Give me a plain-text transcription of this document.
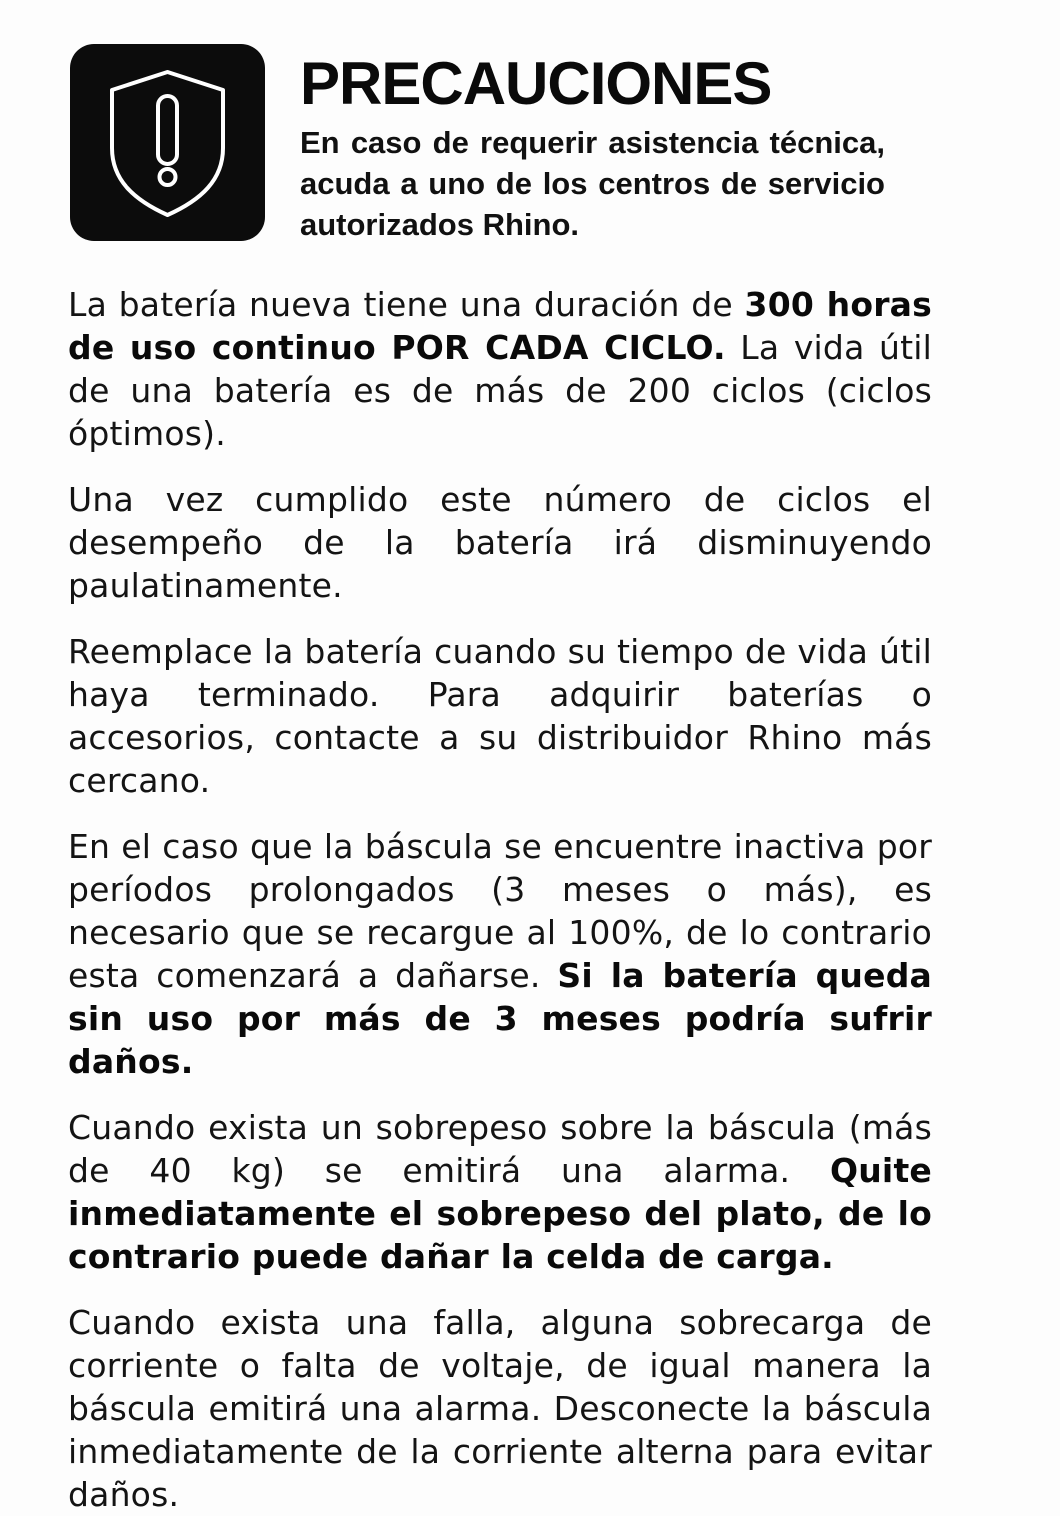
PRECAUCIONES

En caso de requerir asistencia técnica, acuda a uno de los centros de servicio autorizados Rhino.

La batería nueva tiene una duración de 300 horas de uso continuo POR CADA CICLO. La vida útil de una batería es de más de 200 ciclos (ciclos óptimos).

Una vez cumplido este número de ciclos el desempeño de la batería irá disminuyendo paulatinamente.

Reemplace la batería cuando su tiempo de vida útil haya terminado. Para adquirir baterías o accesorios, contacte a su distribuidor Rhino más cercano.

En el caso que la báscula se encuentre inactiva por períodos prolongados (3 meses o más), es necesario que se recargue al 100%, de lo contrario esta comenzará a dañarse. Si la batería queda sin uso por más de 3 meses podría sufrir daños.

Cuando exista un sobrepeso sobre la báscula (más de 40 kg) se emitirá una alarma. Quite inmediatamente el sobrepeso del plato, de lo contrario puede dañar la celda de carga.

Cuando exista una falla, alguna sobrecarga de corriente o falta de voltaje, de igual manera la báscula emitirá una alarma. Desconecte la báscula inmediatamente de la corriente alterna para evitar daños.
